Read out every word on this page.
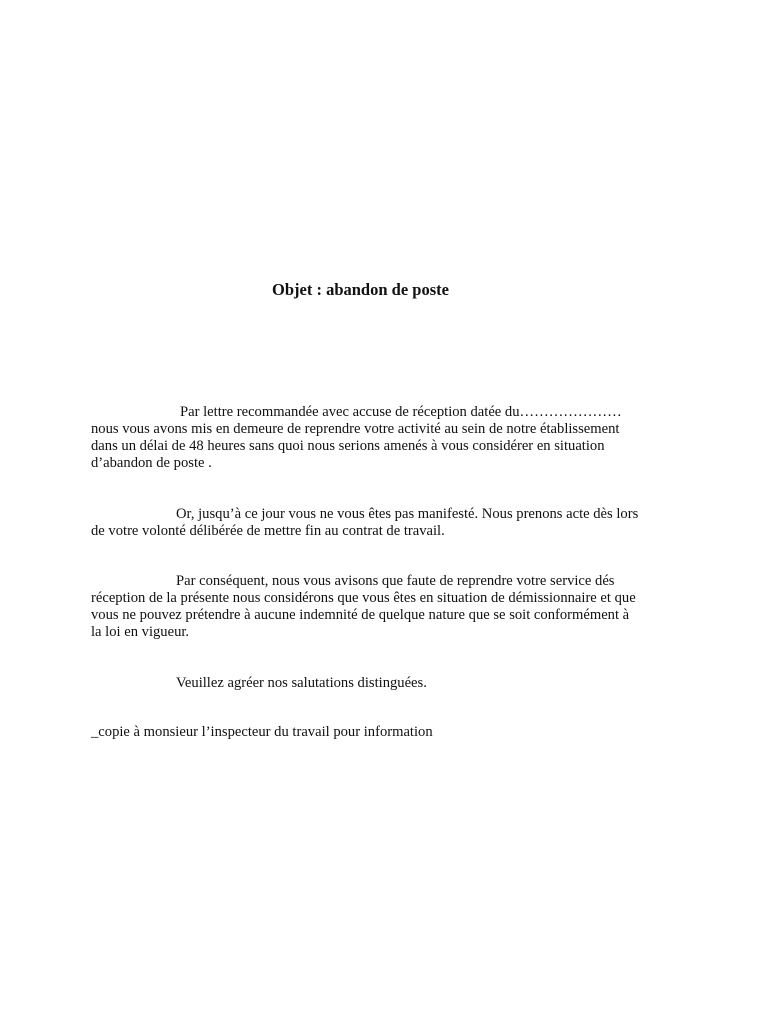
Objet : abandon de poste

Par lettre recommandée avec accuse de réception datée du…………………

nous vous avons mis en demeure de reprendre votre activité au sein de notre établissement

dans un délai de 48 heures sans quoi nous serions amenés à vous considérer en situation

d’abandon de poste .

Or, jusqu’à ce jour vous ne vous êtes pas manifesté. Nous prenons acte dès lors

de votre volonté délibérée de mettre fin au contrat de travail.

Par conséquent, nous vous avisons que faute de reprendre votre service dés

réception de la présente nous considérons que vous êtes en situation de démissionnaire et que

vous ne pouvez prétendre à aucune indemnité de quelque nature que se soit conformément à

la loi en vigueur.

Veuillez agréer nos salutations distinguées.

_copie à monsieur l’inspecteur du travail pour information
